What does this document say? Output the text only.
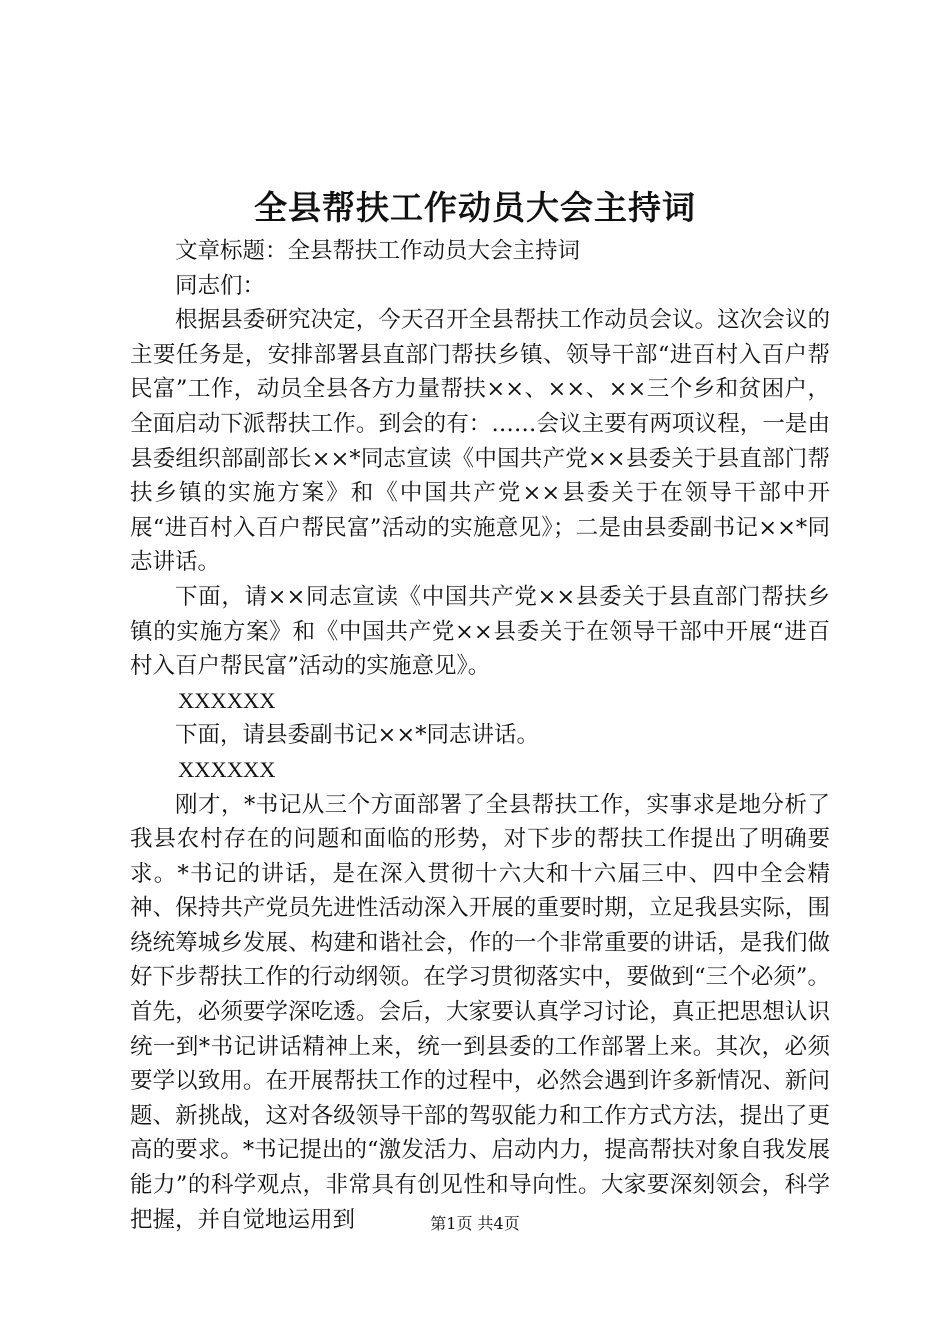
全县帮扶工作动员大会主持词

文章标题：全县帮扶工作动员大会主持词

同志们：

根据县委研究决定，今天召开全县帮扶工作动员会议。这次会议的主要任务是，安排部署县直部门帮扶乡镇、领导干部“进百村入百户帮民富”工作，动员全县各方力量帮扶××、××、××三个乡和贫困户，全面启动下派帮扶工作。到会的有：……会议主要有两项议程，一是由县委组织部副部长××*同志宣读《中国共产党××县委关于县直部门帮扶乡镇的实施方案》和《中国共产党××县委关于在领导干部中开展“进百村入百户帮民富”活动的实施意见》；二是由县委副书记××*同志讲话。

下面，请××同志宣读《中国共产党××县委关于县直部门帮扶乡镇的实施方案》和《中国共产党××县委关于在领导干部中开展“进百村入百户帮民富”活动的实施意见》。

XXXXXX

下面，请县委副书记××*同志讲话。

XXXXXX

刚才，*书记从三个方面部署了全县帮扶工作，实事求是地分析了我县农村存在的问题和面临的形势，对下步的帮扶工作提出了明确要求。*书记的讲话，是在深入贯彻十六大和十六届三中、四中全会精神、保持共产党员先进性活动深入开展的重要时期，立足我县实际，围绕统筹城乡发展、构建和谐社会，作的一个非常重要的讲话，是我们做好下步帮扶工作的行动纲领。在学习贯彻落实中，要做到“三个必须”。首先，必须要学深吃透。会后，大家要认真学习讨论，真正把思想认识统一到*书记讲话精神上来，统一到县委的工作部署上来。其次，必须要学以致用。在开展帮扶工作的过程中，必然会遇到许多新情况、新问题、新挑战，这对各级领导干部的驾驭能力和工作方式方法，提出了更高的要求。*书记提出的“激发活力、启动内力，提高帮扶对象自我发展能力”的科学观点，非常具有创见性和导向性。大家要深刻领会，科学把握，并自觉地运用到	第1页 共4页
